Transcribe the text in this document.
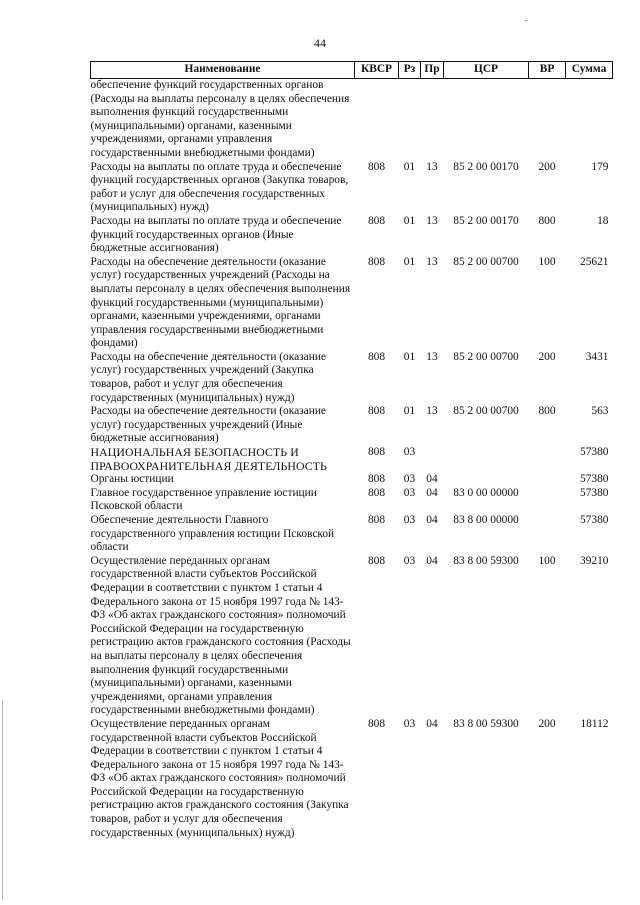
44
Наименование	КВСР	Рз	Пр	ЦСР	ВР	Сумма
обеспечение функций государственных органов (Расходы на выплаты персоналу в целях обеспечения выполнения функций государственными (муниципальными) органами, казенными учреждениями, органами управления государственными внебюджетными фондами)						
Расходы на выплаты по оплате труда и обеспечение функций государственных органов (Закупка товаров, работ и услуг для обеспечения государственных (муниципальных) нужд)	808	01	13	85 2 00 00170	200	179
Расходы на выплаты по оплате труда и обеспечение функций государственных органов (Иные бюджетные ассигнования)	808	01	13	85 2 00 00170	800	18
Расходы на обеспечение деятельности (оказание услуг) государственных учреждений (Расходы на выплаты персоналу в целях обеспечения выполнения функций государственными (муниципальными) органами, казенными учреждениями, органами управления государственными внебюджетными фондами)	808	01	13	85 2 00 00700	100	25621
Расходы на обеспечение деятельности (оказание услуг) государственных учреждений (Закупка товаров, работ и услуг для обеспечения государственных (муниципальных) нужд)	808	01	13	85 2 00 00700	200	3431
Расходы на обеспечение деятельности (оказание услуг) государственных учреждений (Иные бюджетные ассигнования)	808	01	13	85 2 00 00700	800	563
НАЦИОНАЛЬНАЯ БЕЗОПАСНОСТЬ И ПРАВООХРАНИТЕЛЬНАЯ ДЕЯТЕЛЬНОСТЬ	808	03				57380
Органы юстиции	808	03	04			57380
Главное государственное управление юстиции Псковской области	808	03	04	83 0 00 00000		57380
Обеспечение деятельности Главного государственного управления юстиции Псковской области	808	03	04	83 8 00 00000		57380
Осуществление переданных органам государственной власти субъектов Российской Федерации в соответствии с пунктом 1 статьи 4 Федерального закона от 15 ноября 1997 года № 143-ФЗ «Об актах гражданского состояния» полномочий Российской Федерации на государственную регистрацию актов гражданского состояния (Расходы на выплаты персоналу в целях обеспечения выполнения функций государственными (муниципальными) органами, казенными учреждениями, органами управления государственными внебюджетными фондами)	808	03	04	83 8 00 59300	100	39210
Осуществление переданных органам государственной власти субъектов Российской Федерации в соответствии с пунктом 1 статьи 4 Федерального закона от 15 ноября 1997 года № 143-ФЗ «Об актах гражданского состояния» полномочий Российской Федерации на государственную регистрацию актов гражданского состояния (Закупка товаров, работ и услуг для обеспечения государственных (муниципальных) нужд)	808	03	04	83 8 00 59300	200	18112
